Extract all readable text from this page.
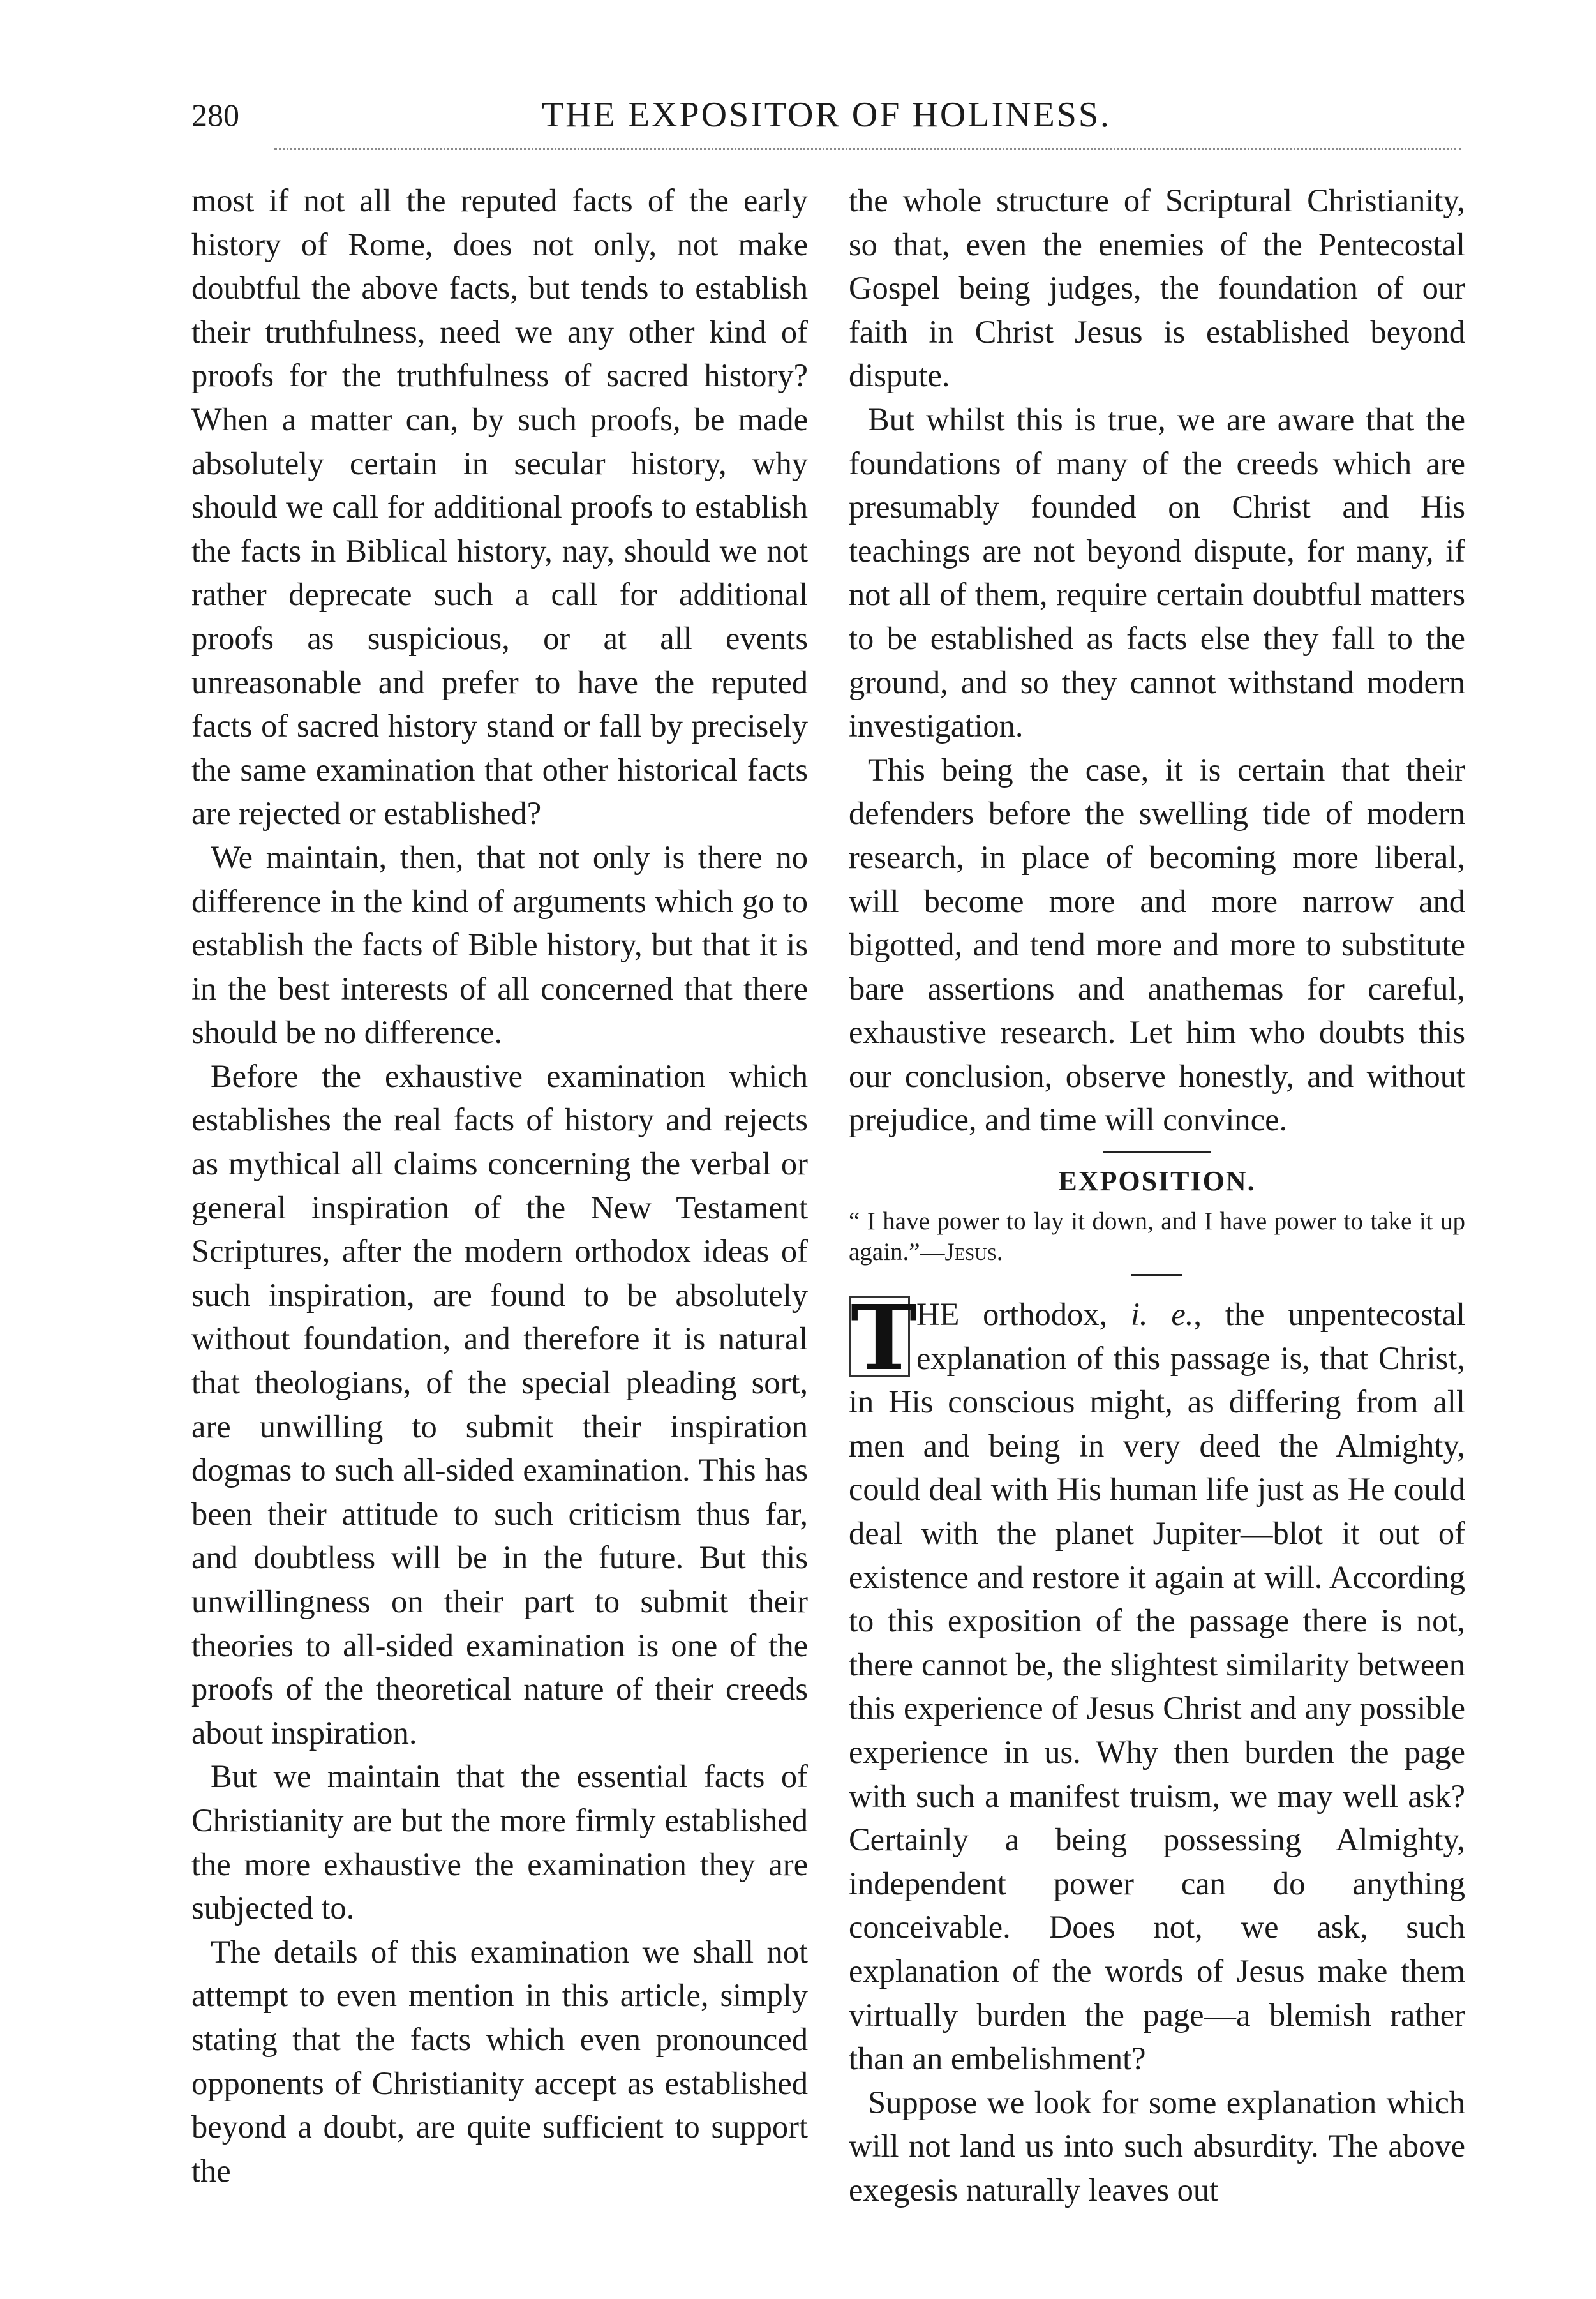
280	THE EXPOSITOR OF HOLINESS.

most if not all the reputed facts of the early history of Rome, does not only, not make doubtful the above facts, but tends to establish their truthfulness, need we any other kind of proofs for the truthfulness of sacred history? When a matter can, by such proofs, be made absolutely certain in secular history, why should we call for additional proofs to establish the facts in Biblical history, nay, should we not rather deprecate such a call for additional proofs as suspicious, or at all events unreasonable and prefer to have the reputed facts of sacred history stand or fall by precisely the same examination that other historical facts are rejected or established?

We maintain, then, that not only is there no difference in the kind of arguments which go to establish the facts of Bible history, but that it is in the best interests of all concerned that there should be no difference.

Before the exhaustive examination which establishes the real facts of history and rejects as mythical all claims concerning the verbal or general inspiration of the New Testament Scriptures, after the modern orthodox ideas of such inspiration, are found to be absolutely without foundation, and therefore it is natural that theologians, of the special pleading sort, are unwilling to submit their inspiration dogmas to such all-sided examination. This has been their attitude to such criticism thus far, and doubtless will be in the future. But this unwillingness on their part to submit their theories to all-sided examination is one of the proofs of the theoretical nature of their creeds about inspiration.

But we maintain that the essential facts of Christianity are but the more firmly established the more exhaustive the examination they are subjected to.

The details of this examination we shall not attempt to even mention in this article, simply stating that the facts which even pronounced opponents of Christianity accept as established beyond a doubt, are quite sufficient to support the

the whole structure of Scriptural Christianity, so that, even the enemies of the Pentecostal Gospel being judges, the foundation of our faith in Christ Jesus is established beyond dispute.

But whilst this is true, we are aware that the foundations of many of the creeds which are presumably founded on Christ and His teachings are not beyond dispute, for many, if not all of them, require certain doubtful matters to be established as facts else they fall to the ground, and so they cannot withstand modern investigation.

This being the case, it is certain that their defenders before the swelling tide of modern research, in place of becoming more liberal, will become more and more narrow and bigotted, and tend more and more to substitute bare assertions and anathemas for careful, exhaustive research. Let him who doubts this our conclusion, observe honestly, and without prejudice, and time will convince.

EXPOSITION.

“ I have power to lay it down, and I have power to take it up again.”—Jesus.

T
HE orthodox, i. e., the unpentecostal explanation of this passage is, that Christ, in His conscious might, as differing from all men and being in very deed the Almighty, could deal with His human life just as He could deal with the planet Jupiter—blot it out of existence and restore it again at will. According to this exposition of the passage there is not, there cannot be, the slightest similarity between this experience of Jesus Christ and any possible experience in us. Why then burden the page with such a manifest truism, we may well ask? Certainly a being possessing Almighty, independent power can do anything conceivable. Does not, we ask, such explanation of the words of Jesus make them virtually burden the page—a blemish rather than an embelishment?

Suppose we look for some explanation which will not land us into such absurdity. The above exegesis naturally leaves out
